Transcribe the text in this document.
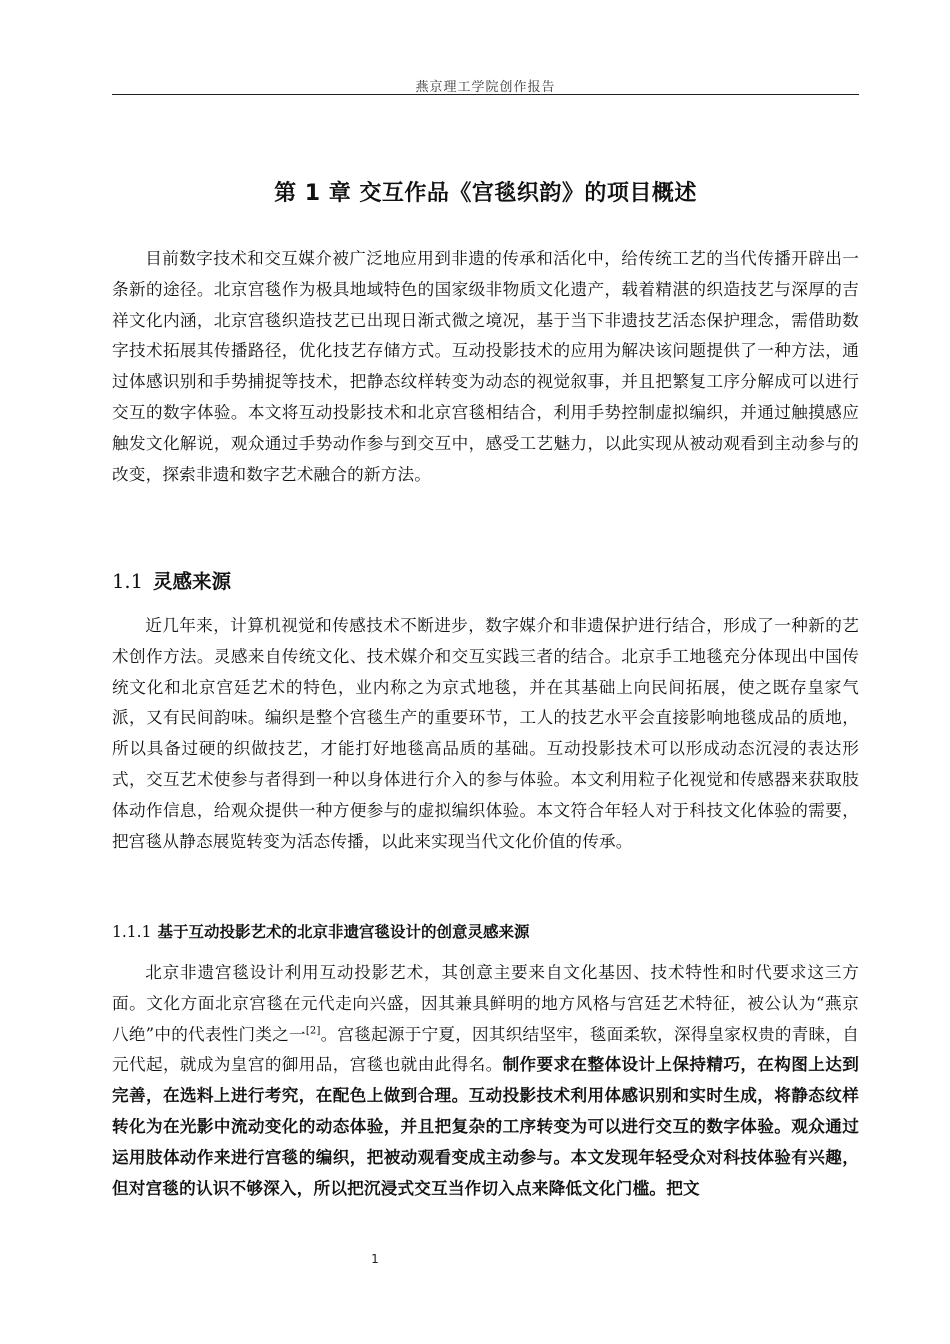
燕京理工学院创作报告
第 1 章 交互作品《宫毯织韵》的项目概述

目前数字技术和交互媒介被广泛地应用到非遗的传承和活化中，给传统工艺的当代传播开辟出一条新的途径。北京宫毯作为极具地域特色的国家级非物质文化遗产，载着精湛的织造技艺与深厚的吉祥文化内涵，北京宫毯织造技艺已出现日渐式微之境况，基于当下非遗技艺活态保护理念，需借助数字技术拓展其传播路径，优化技艺存储方式。互动投影技术的应用为解决该问题提供了一种方法，通过体感识别和手势捕捉等技术，把静态纹样转变为动态的视觉叙事，并且把繁复工序分解成可以进行交互的数字体验。本文将互动投影技术和北京宫毯相结合，利用手势控制虚拟编织，并通过触摸感应触发文化解说，观众通过手势动作参与到交互中，感受工艺魅力，以此实现从被动观看到主动参与的改变，探索非遗和数字艺术融合的新方法。

1.1 灵感来源

近几年来，计算机视觉和传感技术不断进步，数字媒介和非遗保护进行结合，形成了一种新的艺术创作方法。灵感来自传统文化、技术媒介和交互实践三者的结合。北京手工地毯充分体现出中国传统文化和北京宫廷艺术的特色，业内称之为京式地毯，并在其基础上向民间拓展，使之既存皇家气派，又有民间韵味。编织是整个宫毯生产的重要环节，工人的技艺水平会直接影响地毯成品的质地，所以具备过硬的织做技艺，才能打好地毯高品质的基础。互动投影技术可以形成动态沉浸的表达形式，交互艺术使参与者得到一种以身体进行介入的参与体验。本文利用粒子化视觉和传感器来获取肢体动作信息，给观众提供一种方便参与的虚拟编织体验。本文符合年轻人对于科技文化体验的需要，把宫毯从静态展览转变为活态传播，以此来实现当代文化价值的传承。

1.1.1 基于互动投影艺术的北京非遗宫毯设计的创意灵感来源

北京非遗宫毯设计利用互动投影艺术，其创意主要来自文化基因、技术特性和时代要求这三方面。文化方面北京宫毯在元代走向兴盛，因其兼具鲜明的地方风格与宫廷艺术特征，被公认为“燕京八绝”中的代表性门类之一[2]。宫毯起源于宁夏，因其织结坚牢，毯面柔软，深得皇家权贵的青睐，自元代起，就成为皇宫的御用品，宫毯也就由此得名。制作要求在整体设计上保持精巧，在构图上达到完善，在选料上进行考究，在配色上做到合理。互动投影技术利用体感识别和实时生成，将静态纹样转化为在光影中流动变化的动态体验，并且把复杂的工序转变为可以进行交互的数字体验。观众通过运用肢体动作来进行宫毯的编织，把被动观看变成主动参与。本文发现年轻受众对科技体验有兴趣，但对宫毯的认识不够深入，所以把沉浸式交互当作切入点来降低文化门槛。把文

1
